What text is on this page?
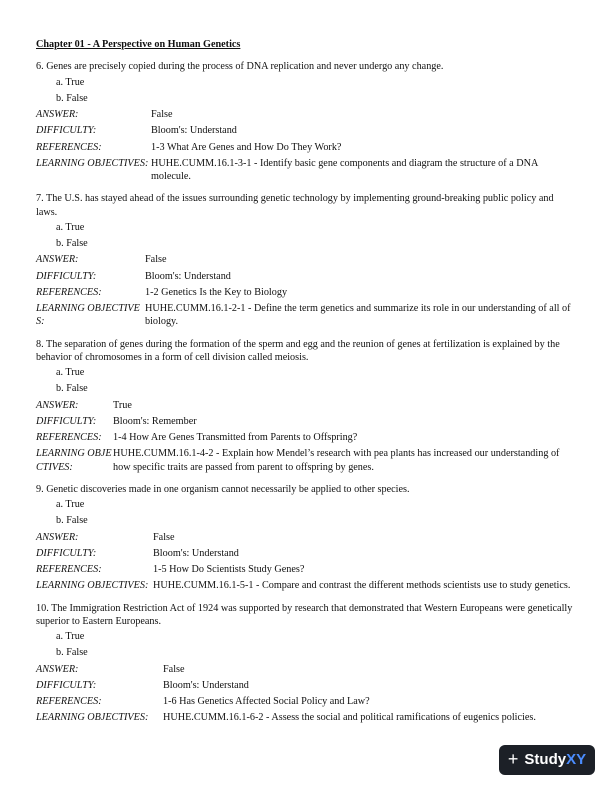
Chapter 01 - A Perspective on Human Genetics
6. Genes are precisely copied during the process of DNA replication and never undergo any change.
a. True
b. False
ANSWER:	False
DIFFICULTY:	Bloom's: Understand
REFERENCES:	1-3 What Are Genes and How Do They Work?
LEARNING OBJECTIVES: HUHE.CUMM.16.1-3-1 - Identify basic gene components and diagram the structure of a DNA molecule.
7. The U.S. has stayed ahead of the issues surrounding genetic technology by implementing ground-breaking public policy and laws.
a. True
b. False
ANSWER:	False
DIFFICULTY:	Bloom's: Understand
REFERENCES:	1-2 Genetics Is the Key to Biology
LEARNING OBJECTIVES:
HUHE.CUMM.16.1-2-1 - Define the term genetics and summarize its role in our understanding of all of biology.
8. The separation of genes during the formation of the sperm and egg and the reunion of genes at fertilization is explained by the behavior of chromosomes in a form of cell division called meiosis.
a. True
b. False
ANSWER:	True
DIFFICULTY:	Bloom's: Remember
REFERENCES:	1-4 How Are Genes Transmitted from Parents to Offspring?
LEARNING OBJECTIVES:
HUHE.CUMM.16.1-4-2 - Explain how Mendel’s research with pea plants has increased our understanding of how specific traits are passed from parent to offspring by genes.
9. Genetic discoveries made in one organism cannot necessarily be applied to other species.
a. True
b. False
ANSWER:	False
DIFFICULTY:	Bloom's: Understand
REFERENCES:	1-5 How Do Scientists Study Genes?
LEARNING OBJECTIVES: HUHE.CUMM.16.1-5-1 - Compare and contrast the different methods scientists use to study genetics.
10. The Immigration Restriction Act of 1924 was supported by research that demonstrated that Western Europeans were genetically superior to Eastern Europeans.
a. True
b. False
ANSWER:	False
DIFFICULTY:	Bloom's: Understand
REFERENCES:	1-6 Has Genetics Affected Social Policy and Law?
LEARNING OBJECTIVES:	HUHE.CUMM.16.1-6-2 - Assess the social and political ramifications of eugenics policies.
+ Study XY
